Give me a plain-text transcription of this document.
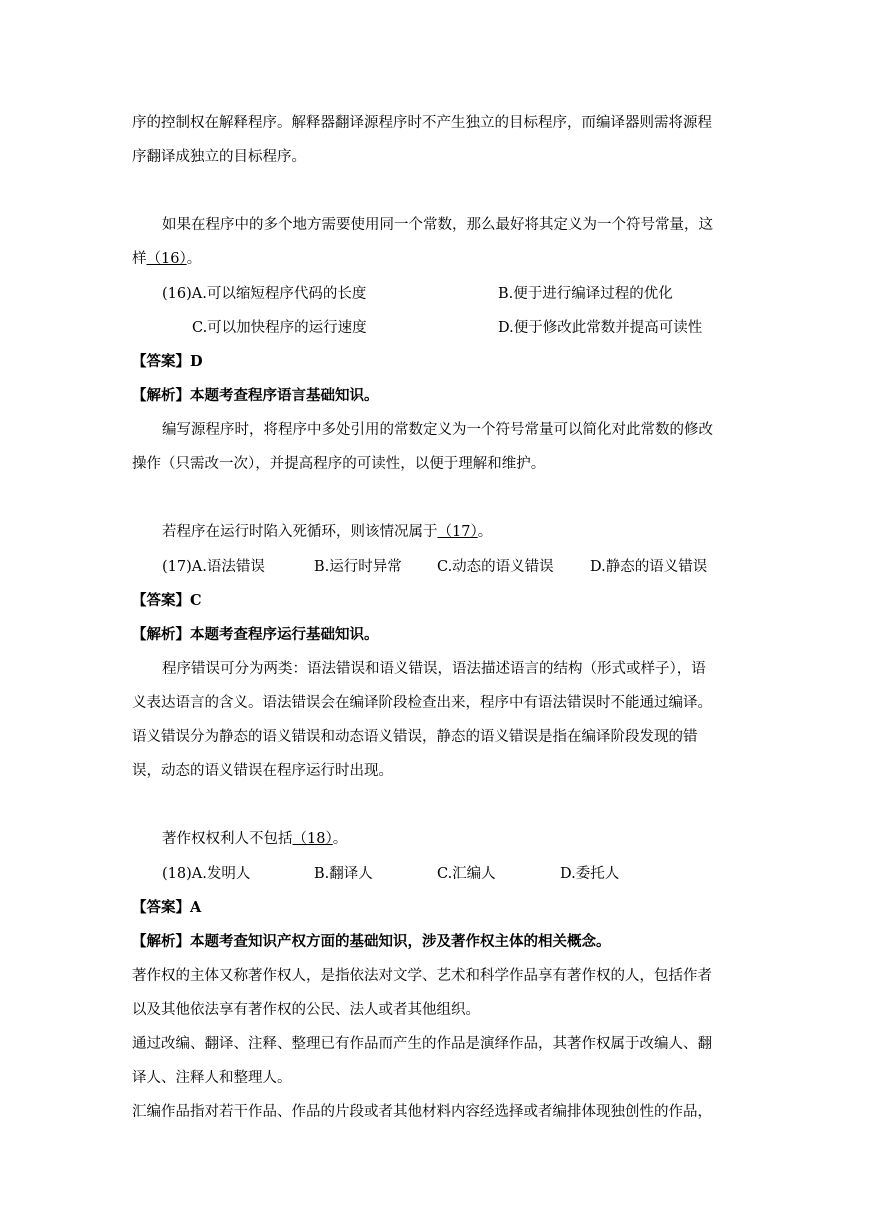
序的控制权在解释程序。解释器翻译源程序时不产生独立的目标程序，而编译器则需将源程
序翻译成独立的目标程序。
如果在程序中的多个地方需要使用同一个常数，那么最好将其定义为一个符号常量，这
样（16）。
(16)A.可以缩短程序代码的长度	B.便于进行编译过程的优化
C.可以加快程序的运行速度	D.便于修改此常数并提高可读性
【答案】D
【解析】本题考查程序语言基础知识。
编写源程序时，将程序中多处引用的常数定义为一个符号常量可以简化对此常数的修改
操作（只需改一次），并提高程序的可读性，以便于理解和维护。
若程序在运行时陷入死循环，则该情况属于（17）。
(17)A.语法错误	B.运行时异常 C.动态的语义错误	D.静态的语义错误
【答案】C
【解析】本题考查程序运行基础知识。
程序错误可分为两类：语法错误和语义错误，语法描述语言的结构（形式或样子），语
义表达语言的含义。语法错误会在编译阶段检查出来，程序中有语法错误时不能通过编译。
语义错误分为静态的语义错误和动态语义错误，静态的语义错误是指在编译阶段发现的错
误，动态的语义错误在程序运行时出现。
著作权权利人不包括（18）。
(18)A.发明人	B.翻译人	C.汇编人	D.委托人
【答案】A
【解析】本题考查知识产权方面的基础知识，涉及著作权主体的相关概念。
著作权的主体又称著作权人，是指依法对文学、艺术和科学作品享有著作权的人，包括作者
以及其他依法享有著作权的公民、法人或者其他组织。
通过改编、翻译、注释、整理已有作品而产生的作品是演绎作品，其著作权属于改编人、翻
译人、注释人和整理人。
汇编作品指对若干作品、作品的片段或者其他材料内容经选择或者编排体现独创性的作品，
